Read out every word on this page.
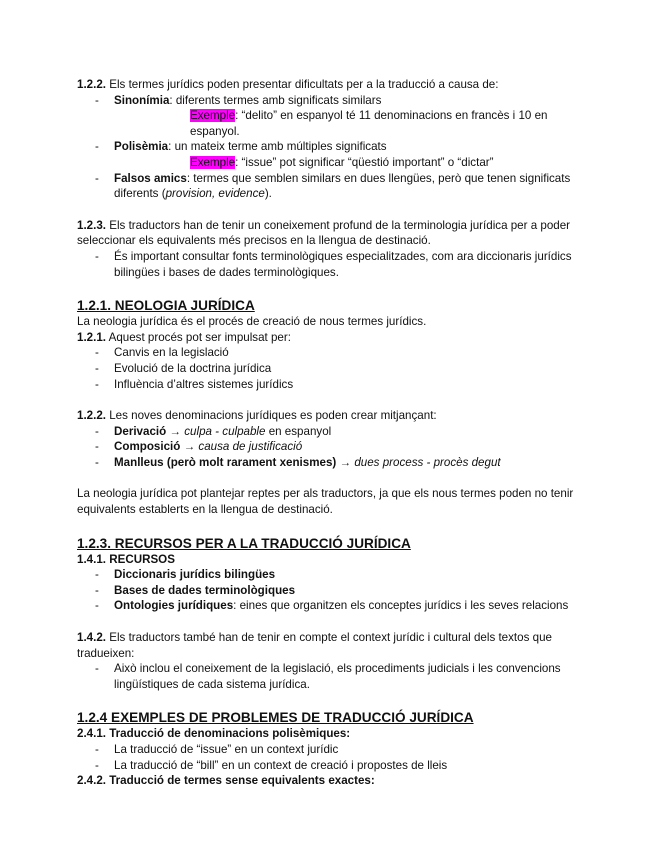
1.2.2. Els termes jurídics poden presentar dificultats per a la traducció a causa de:

- Sinonímia: diferents termes amb significats similars
Exemple: “delito” en espanyol té 11 denominacions en francès i 10 en espanyol.
- Polisèmia: un mateix terme amb múltiples significats
Exemple: “issue” pot significar “qüestió important” o “dictar”
- Falsos amics: termes que semblen similars en dues llengües, però que tenen significats diferents (provision, evidence).

1.2.3. Els traductors han de tenir un coneixement profund de la terminologia jurídica per a poder seleccionar els equivalents més precisos en la llengua de destinació.

- És important consultar fonts terminològiques especialitzades, com ara diccionaris jurídics bilingües i bases de dades terminològiques.
1.2.1. NEOLOGIA JURÍDICA

La neologia jurídica és el procés de creació de nous termes jurídics.

1.2.1. Aquest procés pot ser impulsat per:

- Canvis en la legislació
- Evolució de la doctrina jurídica
- Influència d’altres sistemes jurídics

1.2.2. Les noves denominacions jurídiques es poden crear mitjançant:

- Derivació → culpa - culpable en espanyol
- Composició → causa de justificació
- Manlleus (però molt rarament xenismes) → dues process - procès degut

La neologia jurídica pot plantejar reptes per als traductors, ja que els nous termes poden no tenir equivalents establerts en la llengua de destinació.

1.2.3. RECURSOS PER A LA TRADUCCIÓ JURÍDICA

1.4.1. RECURSOS

- Diccionaris jurídics bilingües
- Bases de dades terminològiques
- Ontologies jurídiques: eines que organitzen els conceptes jurídics i les seves relacions

1.4.2. Els traductors també han de tenir en compte el context jurídic i cultural dels textos que tradueixen:

- Això inclou el coneixement de la legislació, els procediments judicials i les convencions lingüístiques de cada sistema jurídica.
1.2.4 EXEMPLES DE PROBLEMES DE TRADUCCIÓ JURÍDICA

2.4.1. Traducció de denominacions polisèmiques:

- La traducció de “issue” en un context jurídic
- La traducció de “bill” en un context de creació i propostes de lleis

2.4.2. Traducció de termes sense equivalents exactes:
